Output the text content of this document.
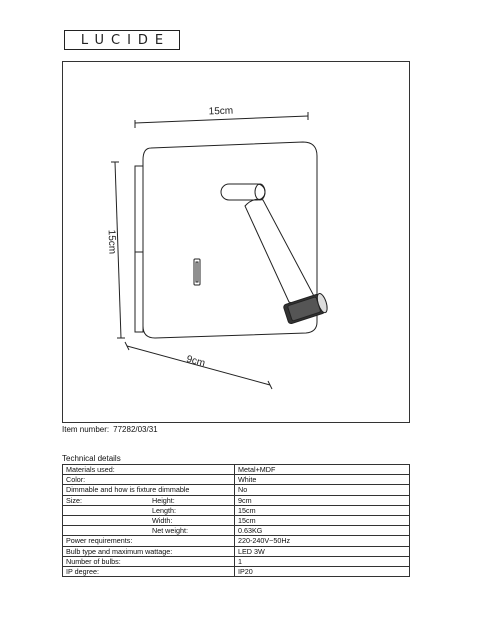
LUCIDE
15cm
15cm
9cm
Item number: 77282/03/31
Technical details
Materials used:	Metal+MDF

Color:	White

Dimmable and how is fixture dimmable	No

Size: Height:	9cm

Length:	15cm

Width:	15cm

Net weight:	0.63KG

Power requirements:	220-240V~50Hz

Bulb type and maximum wattage:	LED 3W

Number of bulbs:	1

IP degree:	IP20
